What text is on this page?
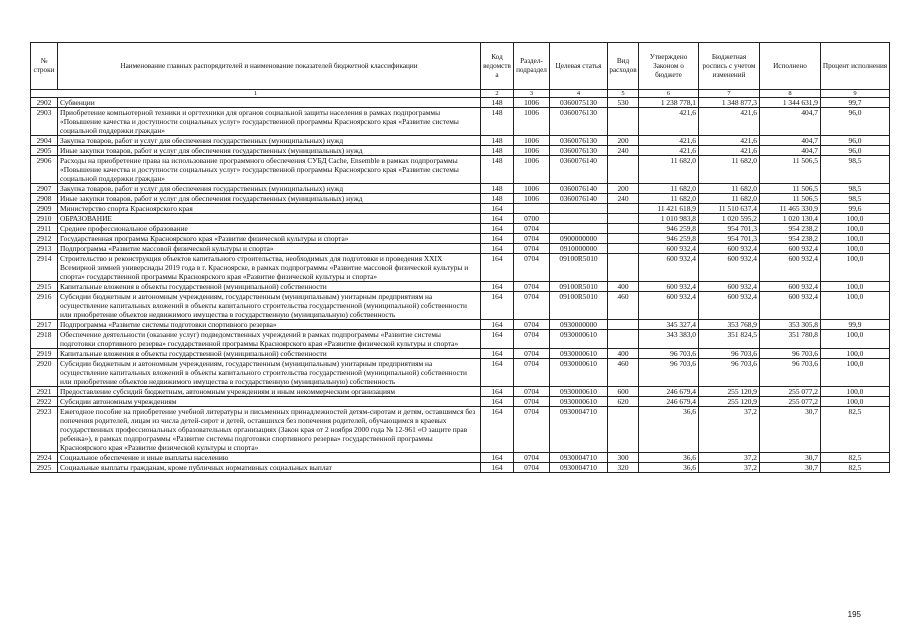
№ строки	Наименование главных распорядителей и наименование показателей бюджетной классификации	Код ведомства	Раздел-подраздел	Целевая статья	Вид расходов	Утверждено Законом о бюджете	Бюджетная роспись с учетом изменений	Исполнено	Процент исполнения
1		2	3	4	5	6	7	8	9
2902	Субвенции	148	1006	0360075130	530	1 238 778,1	1 348 877,3	1 344 631,9	99,7
2903	Приобретение компьютерной техники и оргтехники для органов социальной защиты населения в рамках подпрограммы «Повышение качества и доступности социальных услуг» государственной программы Красноярского края «Развитие системы социальной поддержки граждан»	148	1006	0360076130		421,6	421,6	404,7	96,0
2904	Закупка товаров, работ и услуг для обеспечения государственных (муниципальных) нужд	148	1006	0360076130	200	421,6	421,6	404,7	96,0
2905	Иные закупки товаров, работ и услуг для обеспечения государственных (муниципальных) нужд	148	1006	0360076130	240	421,6	421,6	404,7	96,0
2906	Расходы на приобретение права на использование программного обеспечения СУБД Cache, Ensemble в рамках подпрограммы «Повышение качества и доступности социальных услуг» государственной программы Красноярского края «Развитие системы социальной поддержки граждан»	148	1006	0360076140		11 682,0	11 682,0	11 506,5	98,5
2907	Закупка товаров, работ и услуг для обеспечения государственных (муниципальных) нужд	148	1006	0360076140	200	11 682,0	11 682,0	11 506,5	98,5
2908	Иные закупки товаров, работ и услуг для обеспечения государственных (муниципальных) нужд	148	1006	0360076140	240	11 682,0	11 682,0	11 506,5	98,5
2909	Министерство спорта Красноярского края	164				11 421 618,9	11 510 637,4	11 465 330,9	99,6
2910	ОБРАЗОВАНИЕ	164	0700			1 010 983,8	1 020 595,2	1 020 130,4	100,0
2911	Среднее профессиональное образование	164	0704			946 259,8	954 701,3	954 238,2	100,0
2912	Государственная программа Красноярского края «Развитие физической культуры и спорта»	164	0704	0900000000		946 259,8	954 701,3	954 238,2	100,0
2913	Подпрограмма «Развитие массовой физической культуры и спорта»	164	0704	0910000000		600 932,4	600 932,4	600 932,4	100,0
2914	Строительство и реконструкция объектов капитального строительства, необходимых для подготовки и проведения XXIX Всемирной зимней универсиады 2019 года в г. Красноярске, в рамках подпрограммы «Развитие массовой физической культуры и спорта» государственной программы Красноярского края «Развитие физической культуры и спорта»	164	0704	09100R5010		600 932,4	600 932,4	600 932,4	100,0
2915	Капитальные вложения в объекты государственной (муниципальной) собственности	164	0704	09100R5010	400	600 932,4	600 932,4	600 932,4	100,0
2916	Субсидии бюджетным и автономным учреждениям, государственным (муниципальным) унитарным предприятиям на осуществление капитальных вложений в объекты капитального строительства государственной (муниципальной) собственности или приобретение объектов недвижимого имущества в государственную (муниципальную) собственность	164	0704	09100R5010	460	600 932,4	600 932,4	600 932,4	100,0
2917	Подпрограмма «Развитие системы подготовки спортивного резерва»	164	0704	0930000000		345 327,4	353 768,9	353 305,8	99,9
2918	Обеспечение деятельности (оказание услуг) подведомственных учреждений в рамках подпрограммы «Развитие системы подготовки спортивного резерва» государственной программы Красноярского края «Развитие физической культуры и спорта»	164	0704	0930000610		343 383,0	351 824,5	351 780,8	100,0
2919	Капитальные вложения в объекты государственной (муниципальной) собственности	164	0704	0930000610	400	96 703,6	96 703,6	96 703,6	100,0
2920	Субсидии бюджетным и автономным учреждениям, государственным (муниципальным) унитарным предприятиям на осуществление капитальных вложений в объекты капитального строительства государственной (муниципальной) собственности или приобретение объектов недвижимого имущества в государственную (муниципальную) собственность	164	0704	0930000610	460	96 703,6	96 703,6	96 703,6	100,0
2921	Предоставление субсидий бюджетным, автономным учреждениям и иным некоммерческим организациям	164	0704	0930000610	600	246 679,4	255 120,9	255 077,2	100,0
2922	Субсидии автономным учреждениям	164	0704	0930000610	620	246 679,4	255 120,9	255 077,2	100,0
2923	Ежегодное пособие на приобретение учебной литературы и письменных принадлежностей детям-сиротам и детям, оставшимся без попечения родителей, лицам из числа детей-сирот и детей, оставшихся без попечения родителей, обучающимся в краевых государственных профессиональных образовательных организациях (Закон края от 2 ноября 2000 года № 12-961 «О защите прав ребенка»), в рамках подпрограммы «Развитие системы подготовки спортивного резерва» государственной программы Красноярского края «Развитие физической культуры и спорта»	164	0704	0930004710		36,6	37,2	30,7	82,5
2924	Социальное обеспечение и иные выплаты населению	164	0704	0930004710	300	36,6	37,2	30,7	82,5
2925	Социальные выплаты гражданам, кроме публичных нормативных социальных выплат	164	0704	0930004710	320	36,6	37,2	30,7	82,5
195
